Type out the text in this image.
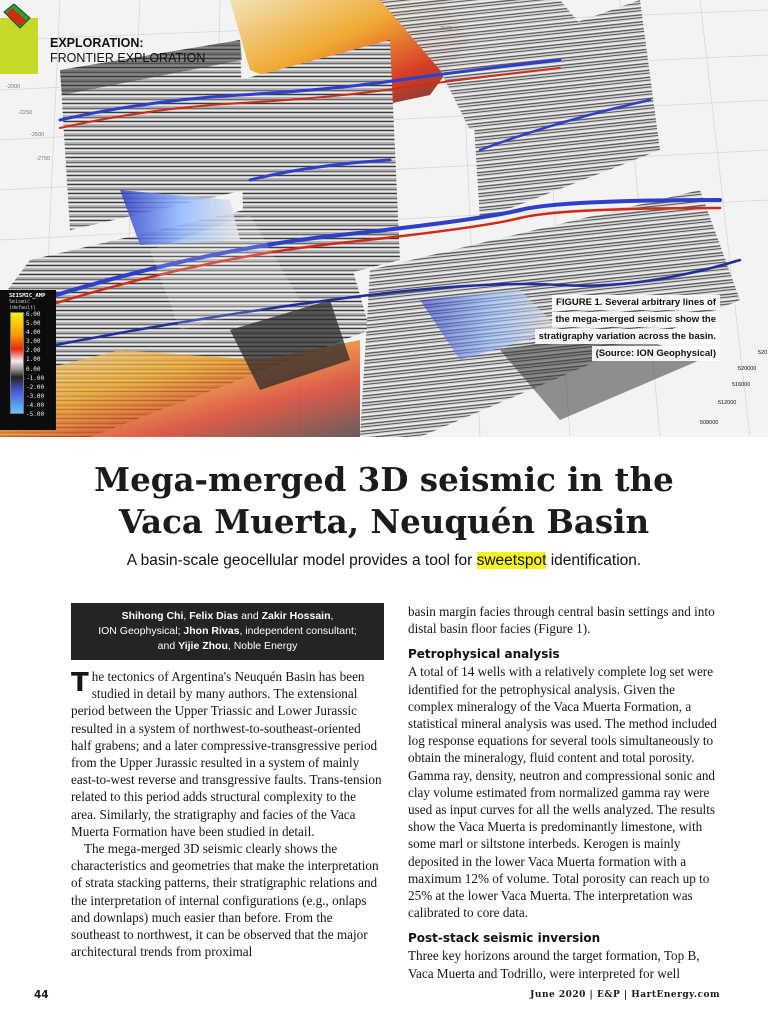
EXPLORATION:
FRONTIER EXPLORATION
-2000
-2250
-2500
-2750
-2500
SEISMIC_AMP
Seismic (default)
6.00
5.00
4.00
3.00
2.00
1.00
0.00
-1.00
-2.00
-3.00
-4.00
-5.00
FIGURE 1. Several arbitrary lines of
the mega-merged seismic show the
stratigraphy variation across the basin.
(Source: ION Geophysical)	520
520000
516000
512000
508000
Mega-merged 3D seismic in the
Vaca Muerta, Neuquén Basin

A basin-scale geocellular model provides a tool for sweetspot identification.

Shihong Chi, Felix Dias and Zakir Hossain,
ION Geophysical; Jhon Rivas, independent consultant;
and Yijie Zhou, Noble Energy

The tectonics of Argentina's Neuquén Basin has been studied in detail by many authors. The extensional period between the Upper Triassic and Lower Jurassic resulted in a system of northwest-to-southeast-oriented half grabens; and a later compressive-transgressive period from the Upper Jurassic resulted in a system of mainly east-to-west reverse and transgressive faults. Trans-tension related to this period adds structural complexity to the area. Similarly, the stratigraphy and facies of the Vaca Muerta Formation have been studied in detail.

The mega-merged 3D seismic clearly shows the characteristics and geometries that make the interpretation of strata stacking patterns, their stratigraphic relations and the interpretation of internal configurations (e.g., onlaps and downlaps) much easier than before. From the southeast to northwest, it can be observed that the major architectural trends from proximal

basin margin facies through central basin settings and into distal basin floor facies (Figure 1).

Petrophysical analysis

A total of 14 wells with a relatively complete log set were identified for the petrophysical analysis. Given the complex mineralogy of the Vaca Muerta Formation, a statistical mineral analysis was used. The method included log response equations for several tools simultaneously to obtain the mineralogy, fluid content and total porosity. Gamma ray, density, neutron and compressional sonic and clay volume estimated from normalized gamma ray were used as input curves for all the wells analyzed. The results show the Vaca Muerta is predominantly limestone, with some marl or siltstone interbeds. Kerogen is mainly deposited in the lower Vaca Muerta formation with a maximum 12% of volume. Total porosity can reach up to 25% at the lower Vaca Muerta. The interpretation was calibrated to core data.

Post-stack seismic inversion

Three key horizons around the target formation, Top B, Vaca Muerta and Todrillo, were interpreted for well

44	June 2020 | E&P | HartEnergy.com
